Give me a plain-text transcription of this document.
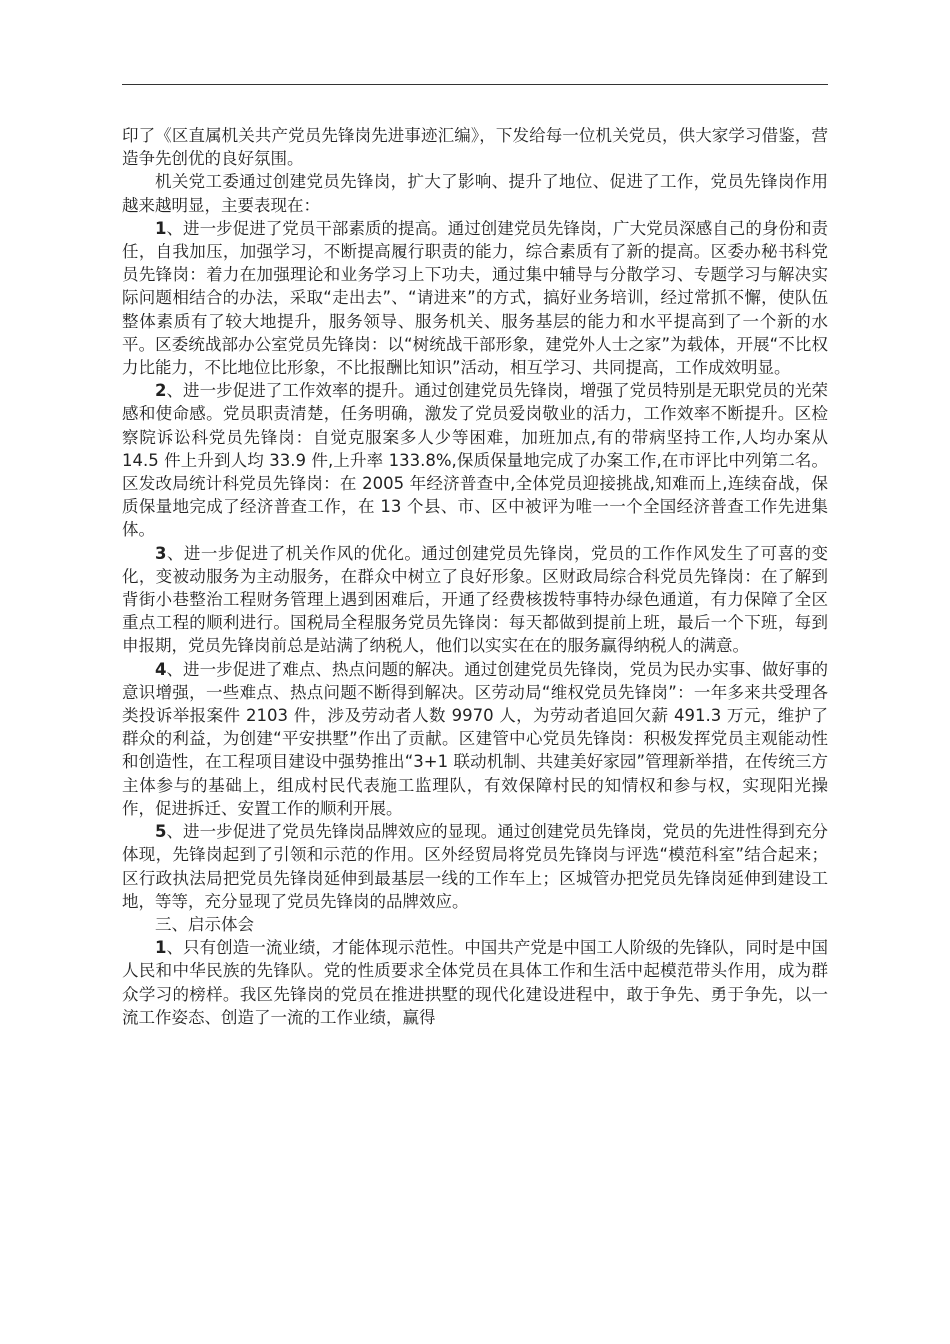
印了《区直属机关共产党员先锋岗先进事迹汇编》，下发给每一位机关党员，供大家学习借鉴，营造争先创优的良好氛围。

机关党工委通过创建党员先锋岗，扩大了影响、提升了地位、促进了工作，党员先锋岗作用越来越明显，主要表现在：

1、进一步促进了党员干部素质的提高。通过创建党员先锋岗，广大党员深感自己的身份和责任，自我加压，加强学习，不断提高履行职责的能力，综合素质有了新的提高。区委办秘书科党员先锋岗：着力在加强理论和业务学习上下功夫，通过集中辅导与分散学习、专题学习与解决实际问题相结合的办法，采取“走出去”、“请进来”的方式，搞好业务培训，经过常抓不懈，使队伍整体素质有了较大地提升，服务领导、服务机关、服务基层的能力和水平提高到了一个新的水平。区委统战部办公室党员先锋岗：以“树统战干部形象，建党外人士之家”为载体，开展“不比权力比能力，不比地位比形象，不比报酬比知识”活动，相互学习、共同提高，工作成效明显。

2、进一步促进了工作效率的提升。通过创建党员先锋岗，增强了党员特别是无职党员的光荣感和使命感。党员职责清楚，任务明确，激发了党员爱岗敬业的活力，工作效率不断提升。区检察院诉讼科党员先锋岗：自觉克服案多人少等困难，加班加点,有的带病坚持工作,人均办案从 14.5 件上升到人均 33.9 件,上升率 133.8%,保质保量地完成了办案工作,在市评比中列第二名。区发改局统计科党员先锋岗：在 2005 年经济普查中,全体党员迎接挑战,知难而上,连续奋战，保质保量地完成了经济普查工作，在 13 个县、市、区中被评为唯一一个全国经济普查工作先进集体。

3、进一步促进了机关作风的优化。通过创建党员先锋岗，党员的工作作风发生了可喜的变化，变被动服务为主动服务，在群众中树立了良好形象。区财政局综合科党员先锋岗：在了解到背街小巷整治工程财务管理上遇到困难后，开通了经费核拨特事特办绿色通道，有力保障了全区重点工程的顺利进行。国税局全程服务党员先锋岗：每天都做到提前上班，最后一个下班，每到申报期，党员先锋岗前总是站满了纳税人，他们以实实在在的服务赢得纳税人的满意。

4、进一步促进了难点、热点问题的解决。通过创建党员先锋岗，党员为民办实事、做好事的意识增强，一些难点、热点问题不断得到解决。区劳动局“维权党员先锋岗”：一年多来共受理各类投诉举报案件 2103 件，涉及劳动者人数 9970 人，为劳动者追回欠薪 491.3 万元，维护了群众的利益，为创建“平安拱墅”作出了贡献。区建管中心党员先锋岗：积极发挥党员主观能动性和创造性，在工程项目建设中强势推出“3+1 联动机制、共建美好家园”管理新举措，在传统三方主体参与的基础上，组成村民代表施工监理队，有效保障村民的知情权和参与权，实现阳光操作，促进拆迁、安置工作的顺利开展。

5、进一步促进了党员先锋岗品牌效应的显现。通过创建党员先锋岗，党员的先进性得到充分体现，先锋岗起到了引领和示范的作用。区外经贸局将党员先锋岗与评选“模范科室”结合起来；区行政执法局把党员先锋岗延伸到最基层一线的工作车上；区城管办把党员先锋岗延伸到建设工地，等等，充分显现了党员先锋岗的品牌效应。

三、启示体会

1、只有创造一流业绩，才能体现示范性。中国共产党是中国工人阶级的先锋队，同时是中国人民和中华民族的先锋队。党的性质要求全体党员在具体工作和生活中起模范带头作用，成为群众学习的榜样。我区先锋岗的党员在推进拱墅的现代化建设进程中，敢于争先、勇于争先，以一流工作姿态、创造了一流的工作业绩，赢得
